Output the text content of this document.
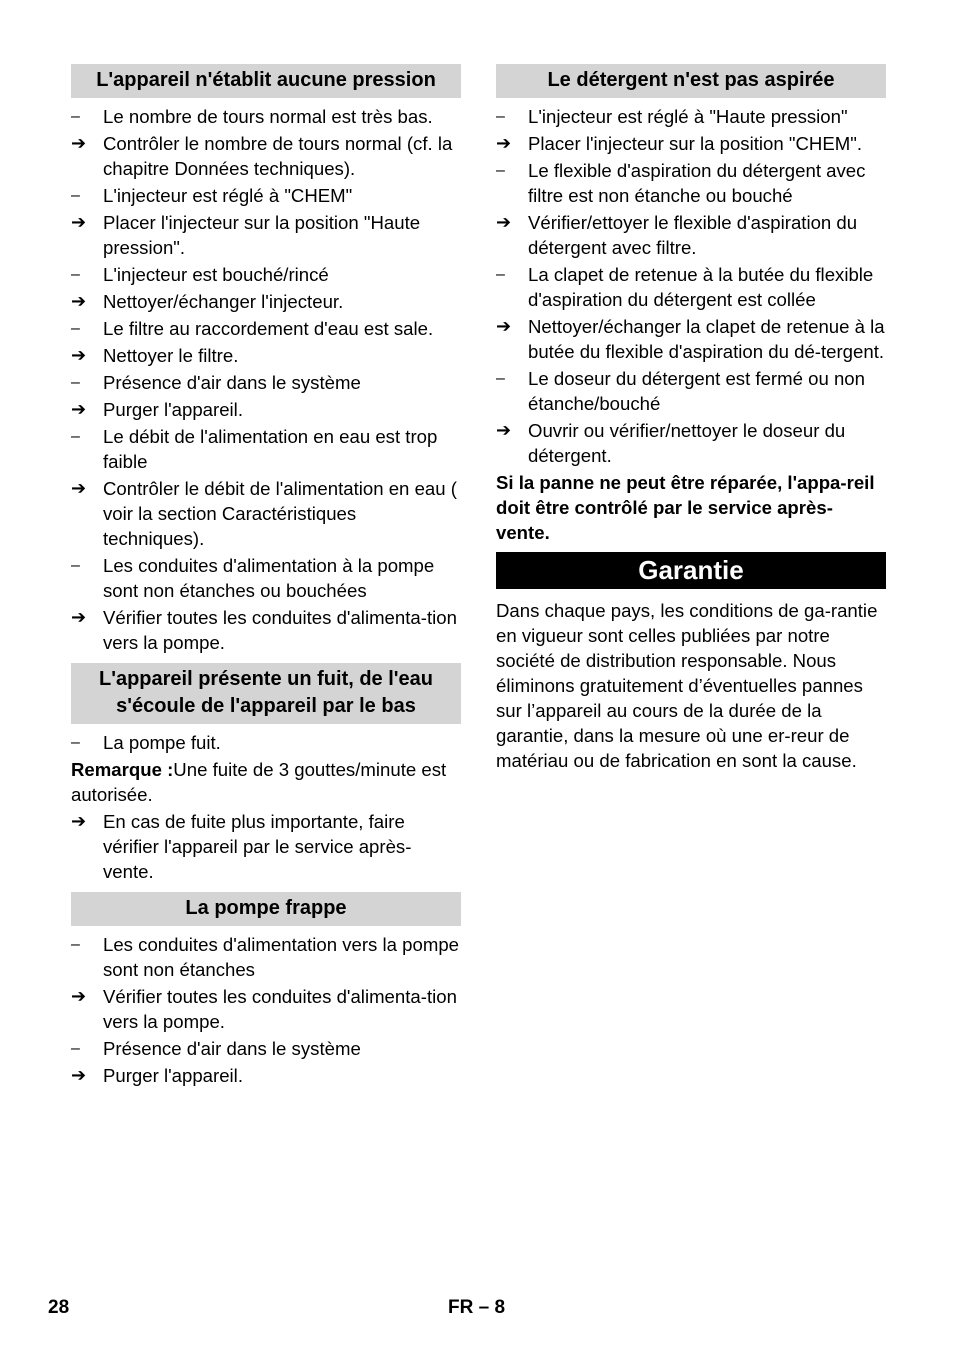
L'appareil n'établit aucune pression
–	Le nombre de tours normal est très bas.
➔ Contrôler le nombre de tours normal (cf. la chapitre Données techniques).
–	L'injecteur est réglé à "CHEM"
➔ Placer l'injecteur sur la position "Haute pression".
–	L'injecteur est bouché/rincé
➔ Nettoyer/échanger l'injecteur.
–	Le filtre au raccordement d'eau est sale.
➔ Nettoyer le filtre.
–	Présence d'air dans le système
➔ Purger l'appareil.
–	Le débit de l'alimentation en eau est trop faible
➔ Contrôler le débit de l'alimentation en eau ( voir la section Caractéristiques techniques).
–	Les conduites d'alimentation à la pompe sont non étanches ou bouchées
➔ Vérifier toutes les conduites d'alimenta-tion vers la pompe.
L'appareil présente un fuit, de l'eau s'écoule de l'appareil par le bas
–	La pompe fuit.
Remarque :Une fuite de 3 gouttes/minute est autorisée.
➔ En cas de fuite plus importante, faire vérifier l'appareil par le service après-vente.
La pompe frappe
–	Les conduites d'alimentation vers la pompe sont non étanches
➔ Vérifier toutes les conduites d'alimenta-tion vers la pompe.
–	Présence d'air dans le système
➔ Purger l'appareil.
Le détergent n'est pas aspirée
–	L'injecteur est réglé à "Haute pression"
➔ Placer l'injecteur sur la position "CHEM".
–	Le flexible d'aspiration du détergent avec filtre est non étanche ou bouché
➔ Vérifier/ettoyer le flexible d'aspiration du détergent avec filtre.
–	La clapet de retenue à la butée du flexible d'aspiration du détergent est collée
➔ Nettoyer/échanger la clapet de retenue à la butée du flexible d'aspiration du dé-tergent.
–	Le doseur du détergent est fermé ou non étanche/bouché
➔ Ouvrir ou vérifier/nettoyer le doseur du détergent.
Si la panne ne peut être réparée, l'appa-reil doit être contrôlé par le service après-vente.
Garantie
Dans chaque pays, les conditions de ga-rantie en vigueur sont celles publiées par notre société de distribution responsable. Nous éliminons gratuitement d’éventuelles pannes sur l’appareil au cours de la durée de la garantie, dans la mesure où une er-reur de matériau ou de fabrication en sont la cause.
28	FR – 8
